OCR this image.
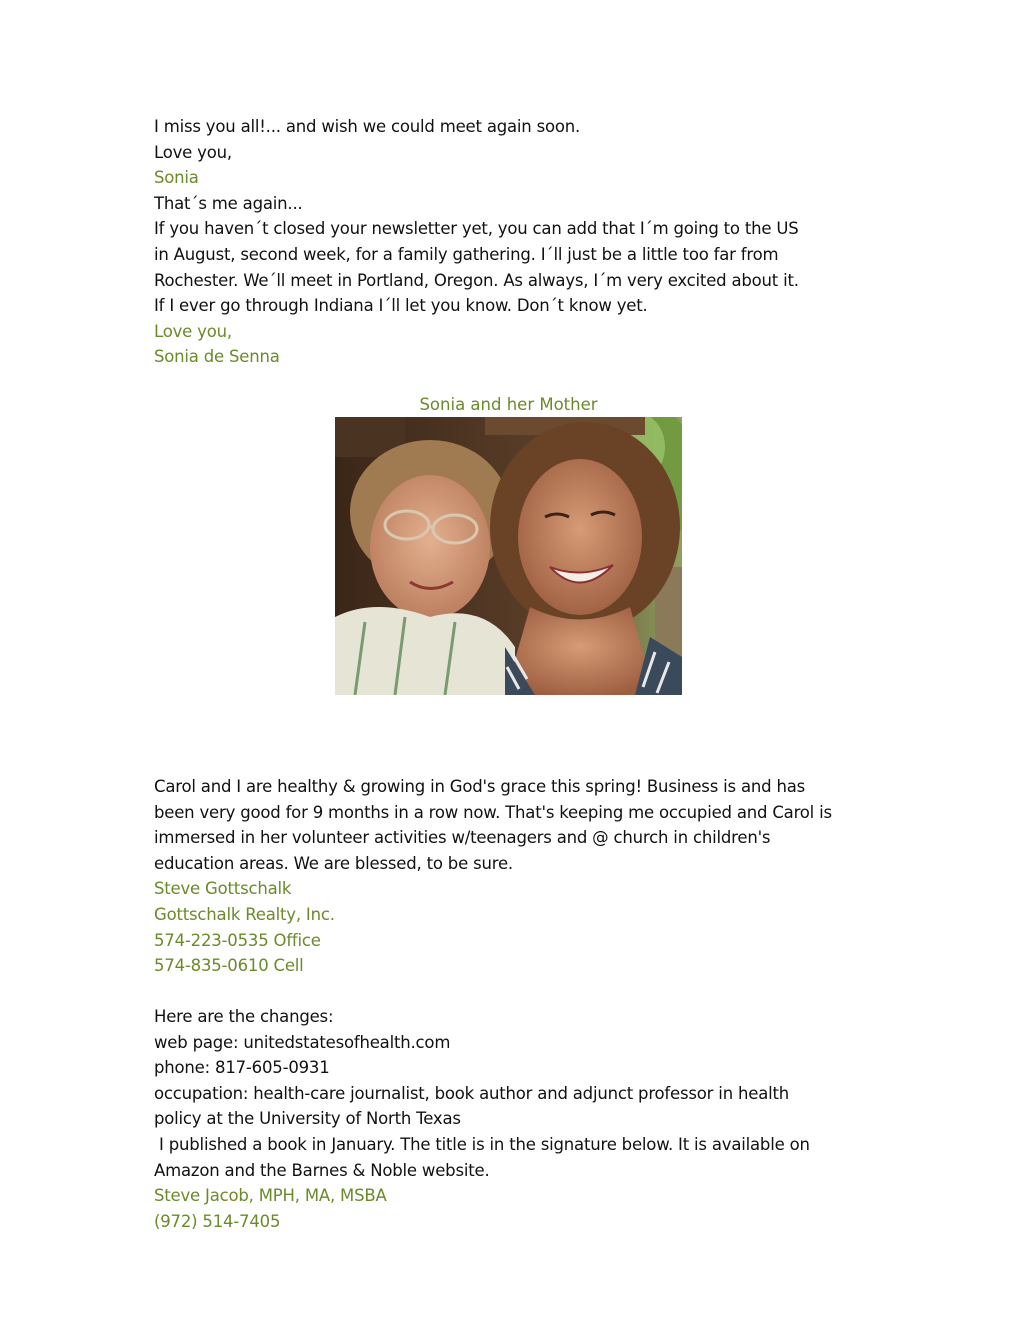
I miss you all!... and wish we could meet again soon.
Love you,
Sonia
That´s me again...
If you haven´t closed your newsletter yet, you can add that I´m going to the US
in August, second week, for a family gathering. I´ll just be a little too far from
Rochester. We´ll meet in Portland, Oregon. As always, I´m very excited about it.
If I ever go through Indiana I´ll let you know. Don´t know yet.
Love you,
Sonia de Senna
Sonia and her Mother
Carol and I are healthy & growing in God's grace this spring! Business is and has
been very good for 9 months in a row now. That's keeping me occupied and Carol is
immersed in her volunteer activities w/teenagers and @ church in children's
education areas. We are blessed, to be sure.
Steve Gottschalk
Gottschalk Realty, Inc.
574-223-0535 Office
574-835-0610 Cell
Here are the changes:
web page: unitedstatesofhealth.com
phone: 817-605-0931
occupation: health-care journalist, book author and adjunct professor in health
policy at the University of North Texas
I published a book in January. The title is in the signature below. It is available on
Amazon and the Barnes & Noble website.
Steve Jacob, MPH, MA, MSBA
(972) 514-7405
